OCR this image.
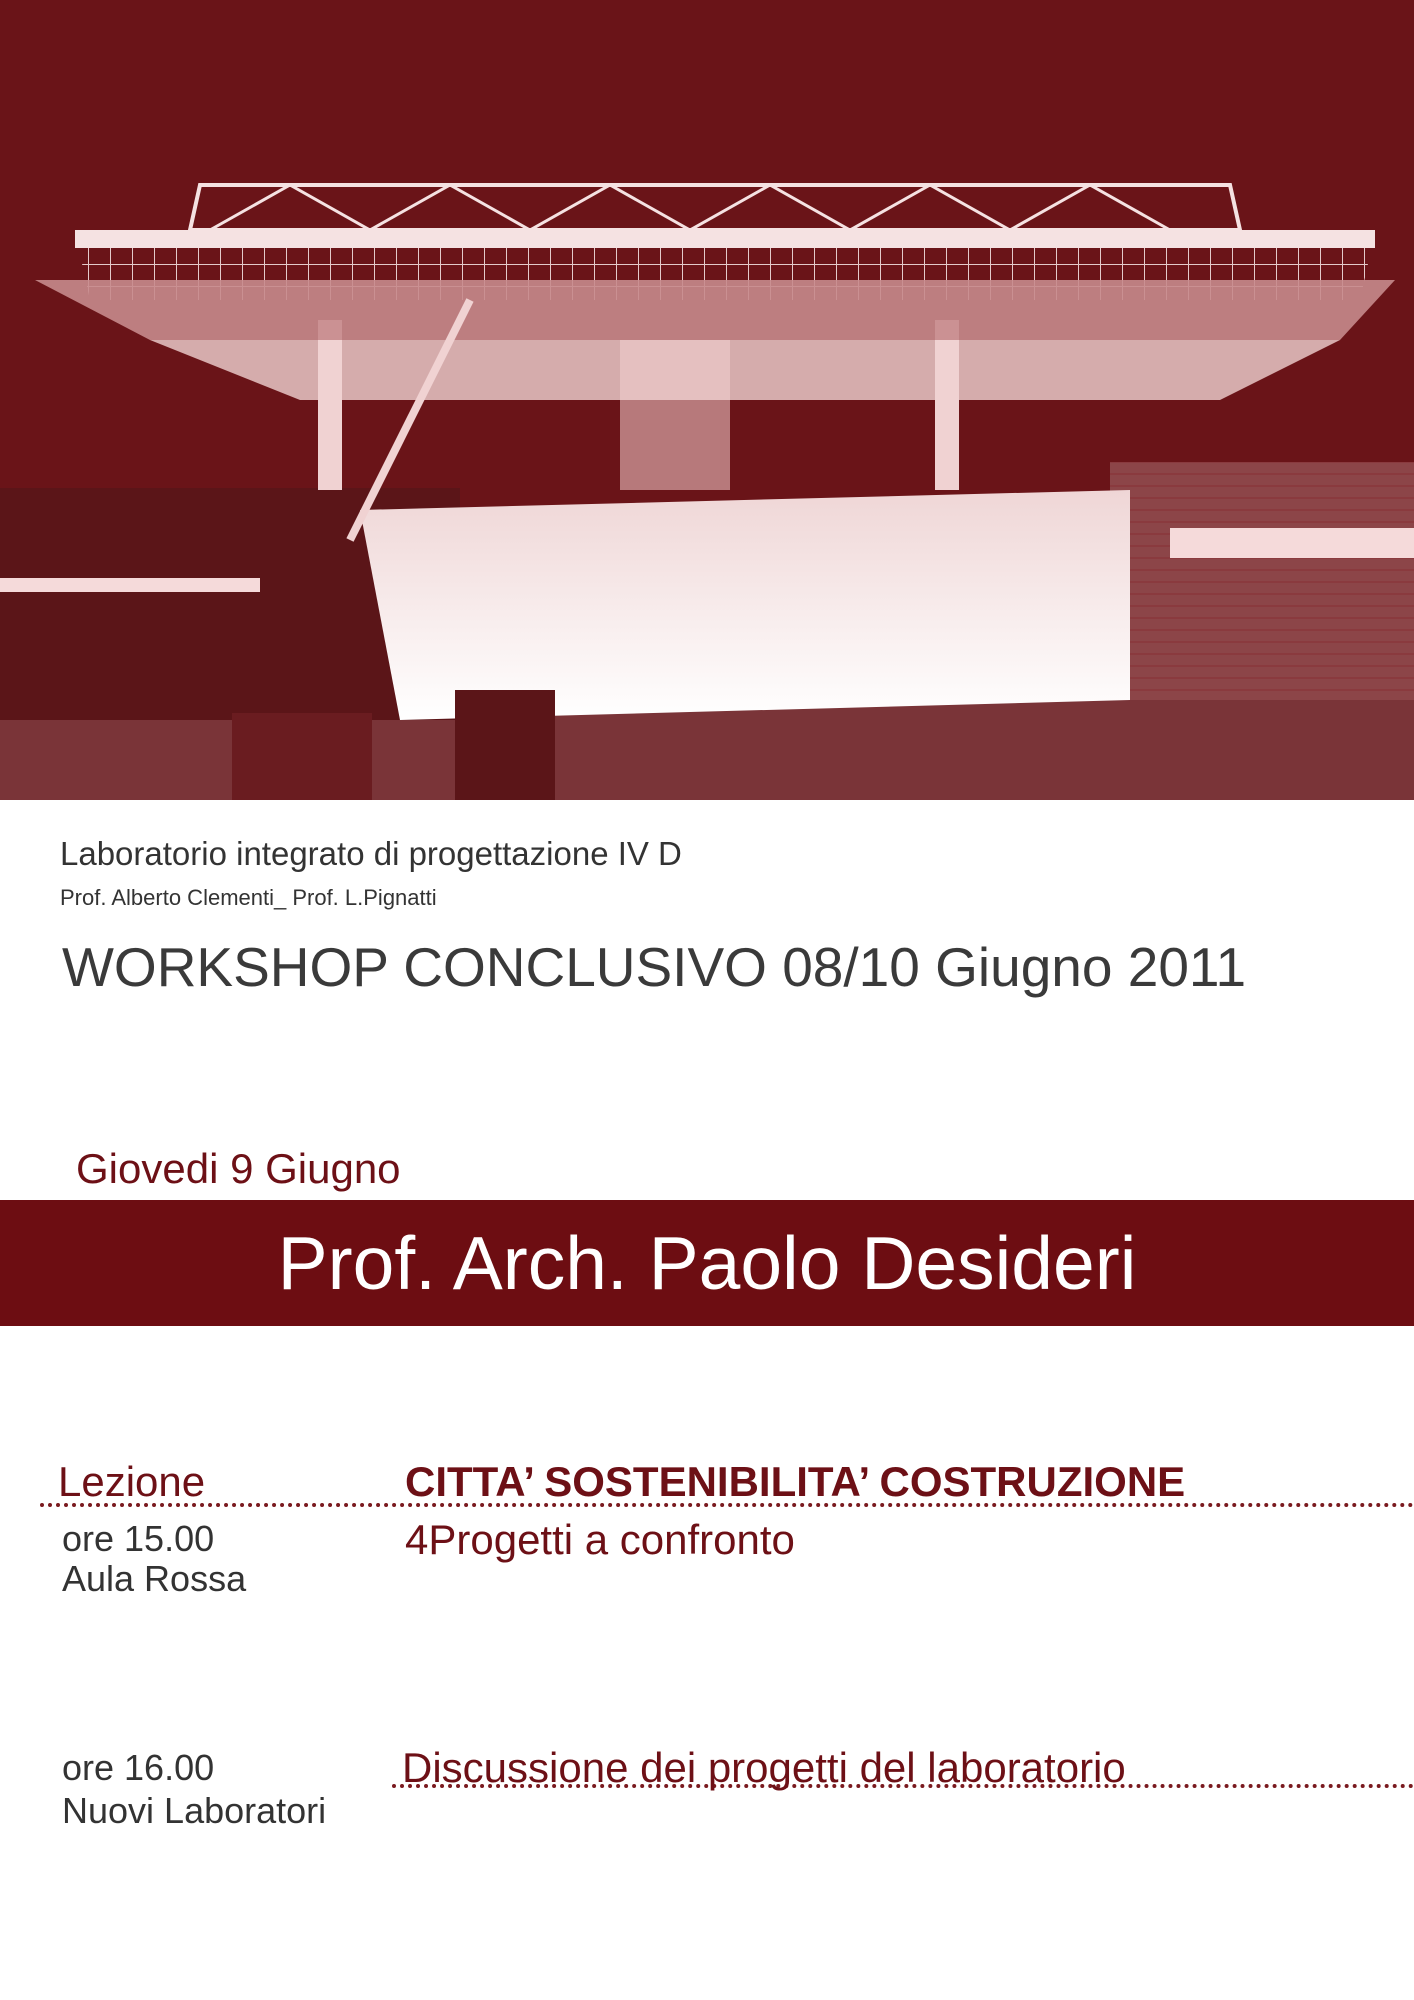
Laboratorio integrato di progettazione IV D

Prof. Alberto Clementi_ Prof. L.Pignatti

WORKSHOP CONCLUSIVO 08/10 Giugno 2011

Giovedi 9 Giugno

Prof. Arch. Paolo Desideri

Lezione	CITTA’ SOSTENIBILITA’ COSTRUZIONE

ore 15.00

Aula Rossa

4Progetti a confronto

ore 16.00

Nuovi Laboratori

Discussione dei progetti del laboratorio
